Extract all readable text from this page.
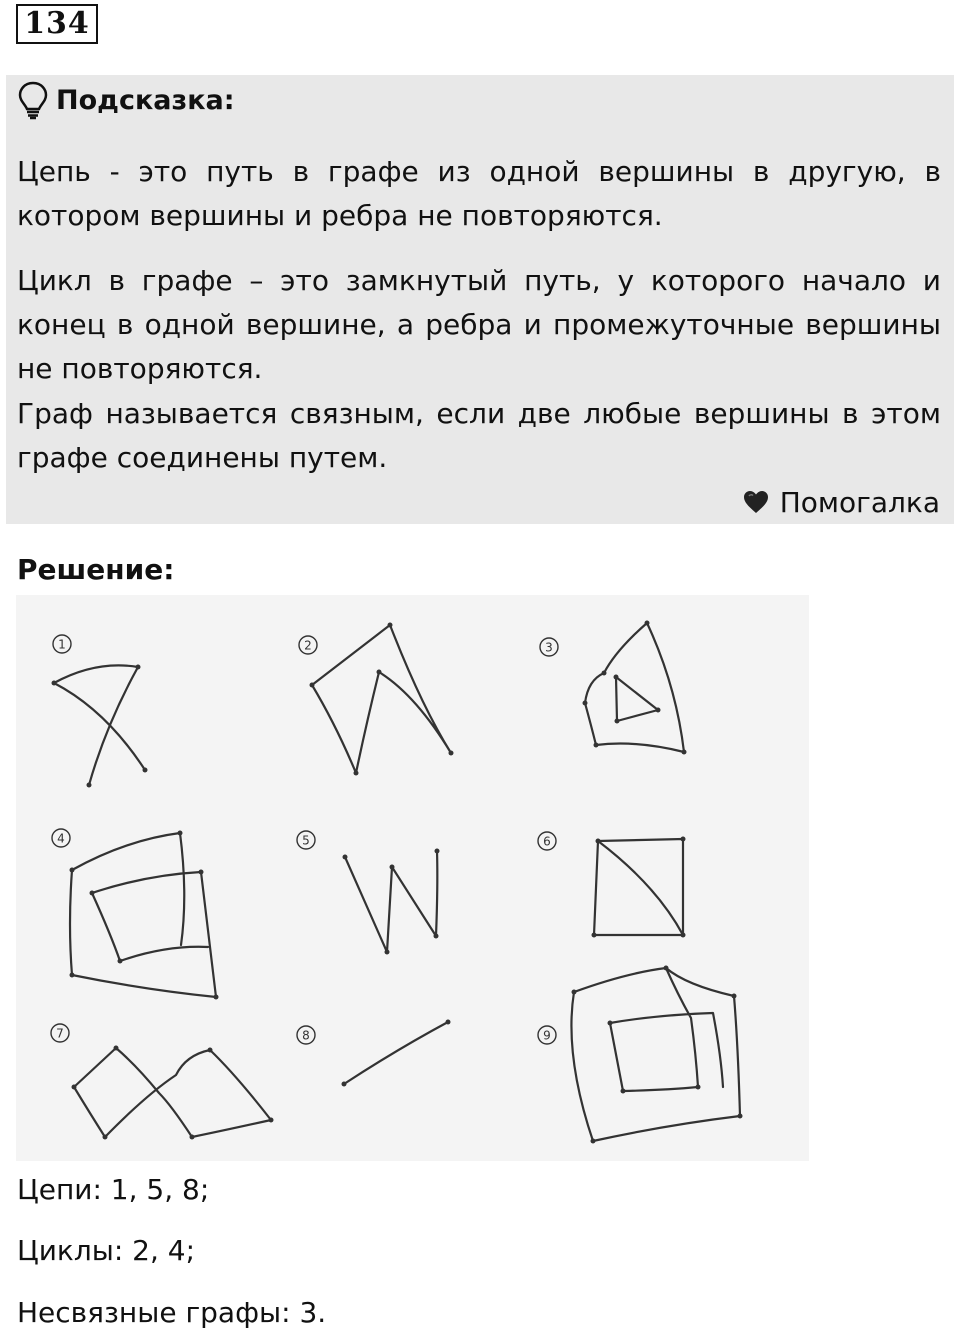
134
Подсказка:
Цепь - это путь в графе из одной вершины в другую, в котором вершины и ребра не повторяются.
Цикл в графе – это замкнутый путь, у которого начало и конец в одной вершине, а ребра и промежуточные вершины не повторяются.
Граф называется связным, если две любые вершины в этом графе соединены путем.
Помогалка
Решение:
1	2	3
4	5	6
7	8	9
Цепи: 1, 5, 8;
Циклы: 2, 4;
Несвязные графы: 3.
